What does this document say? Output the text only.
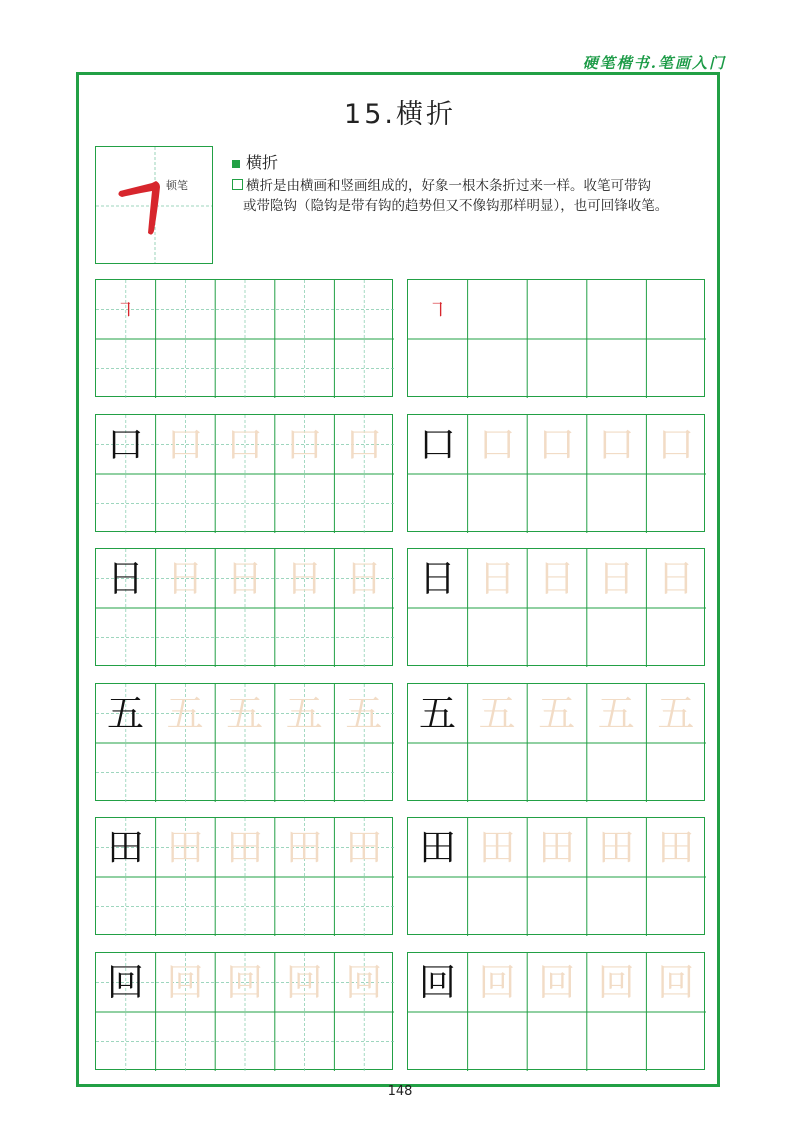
硬笔楷书.笔画入门
15.横折
顿笔
横折
横折是由横画和竖画组成的，好象一根木条折过来一样。收笔可带钩
或带隐钩（隐钩是带有钩的趋势但又不像钩那样明显），也可回锋收笔。
㇕	㇕
口 口 口 口 口 口 口 口 口 口
日 日 日 日 日 日 日 日 日 日
五 五 五 五 五 五 五 五 五 五
田 田 田 田 田 田 田 田 田 田
回 回 回 回 回 回 回 回 回 回
148
